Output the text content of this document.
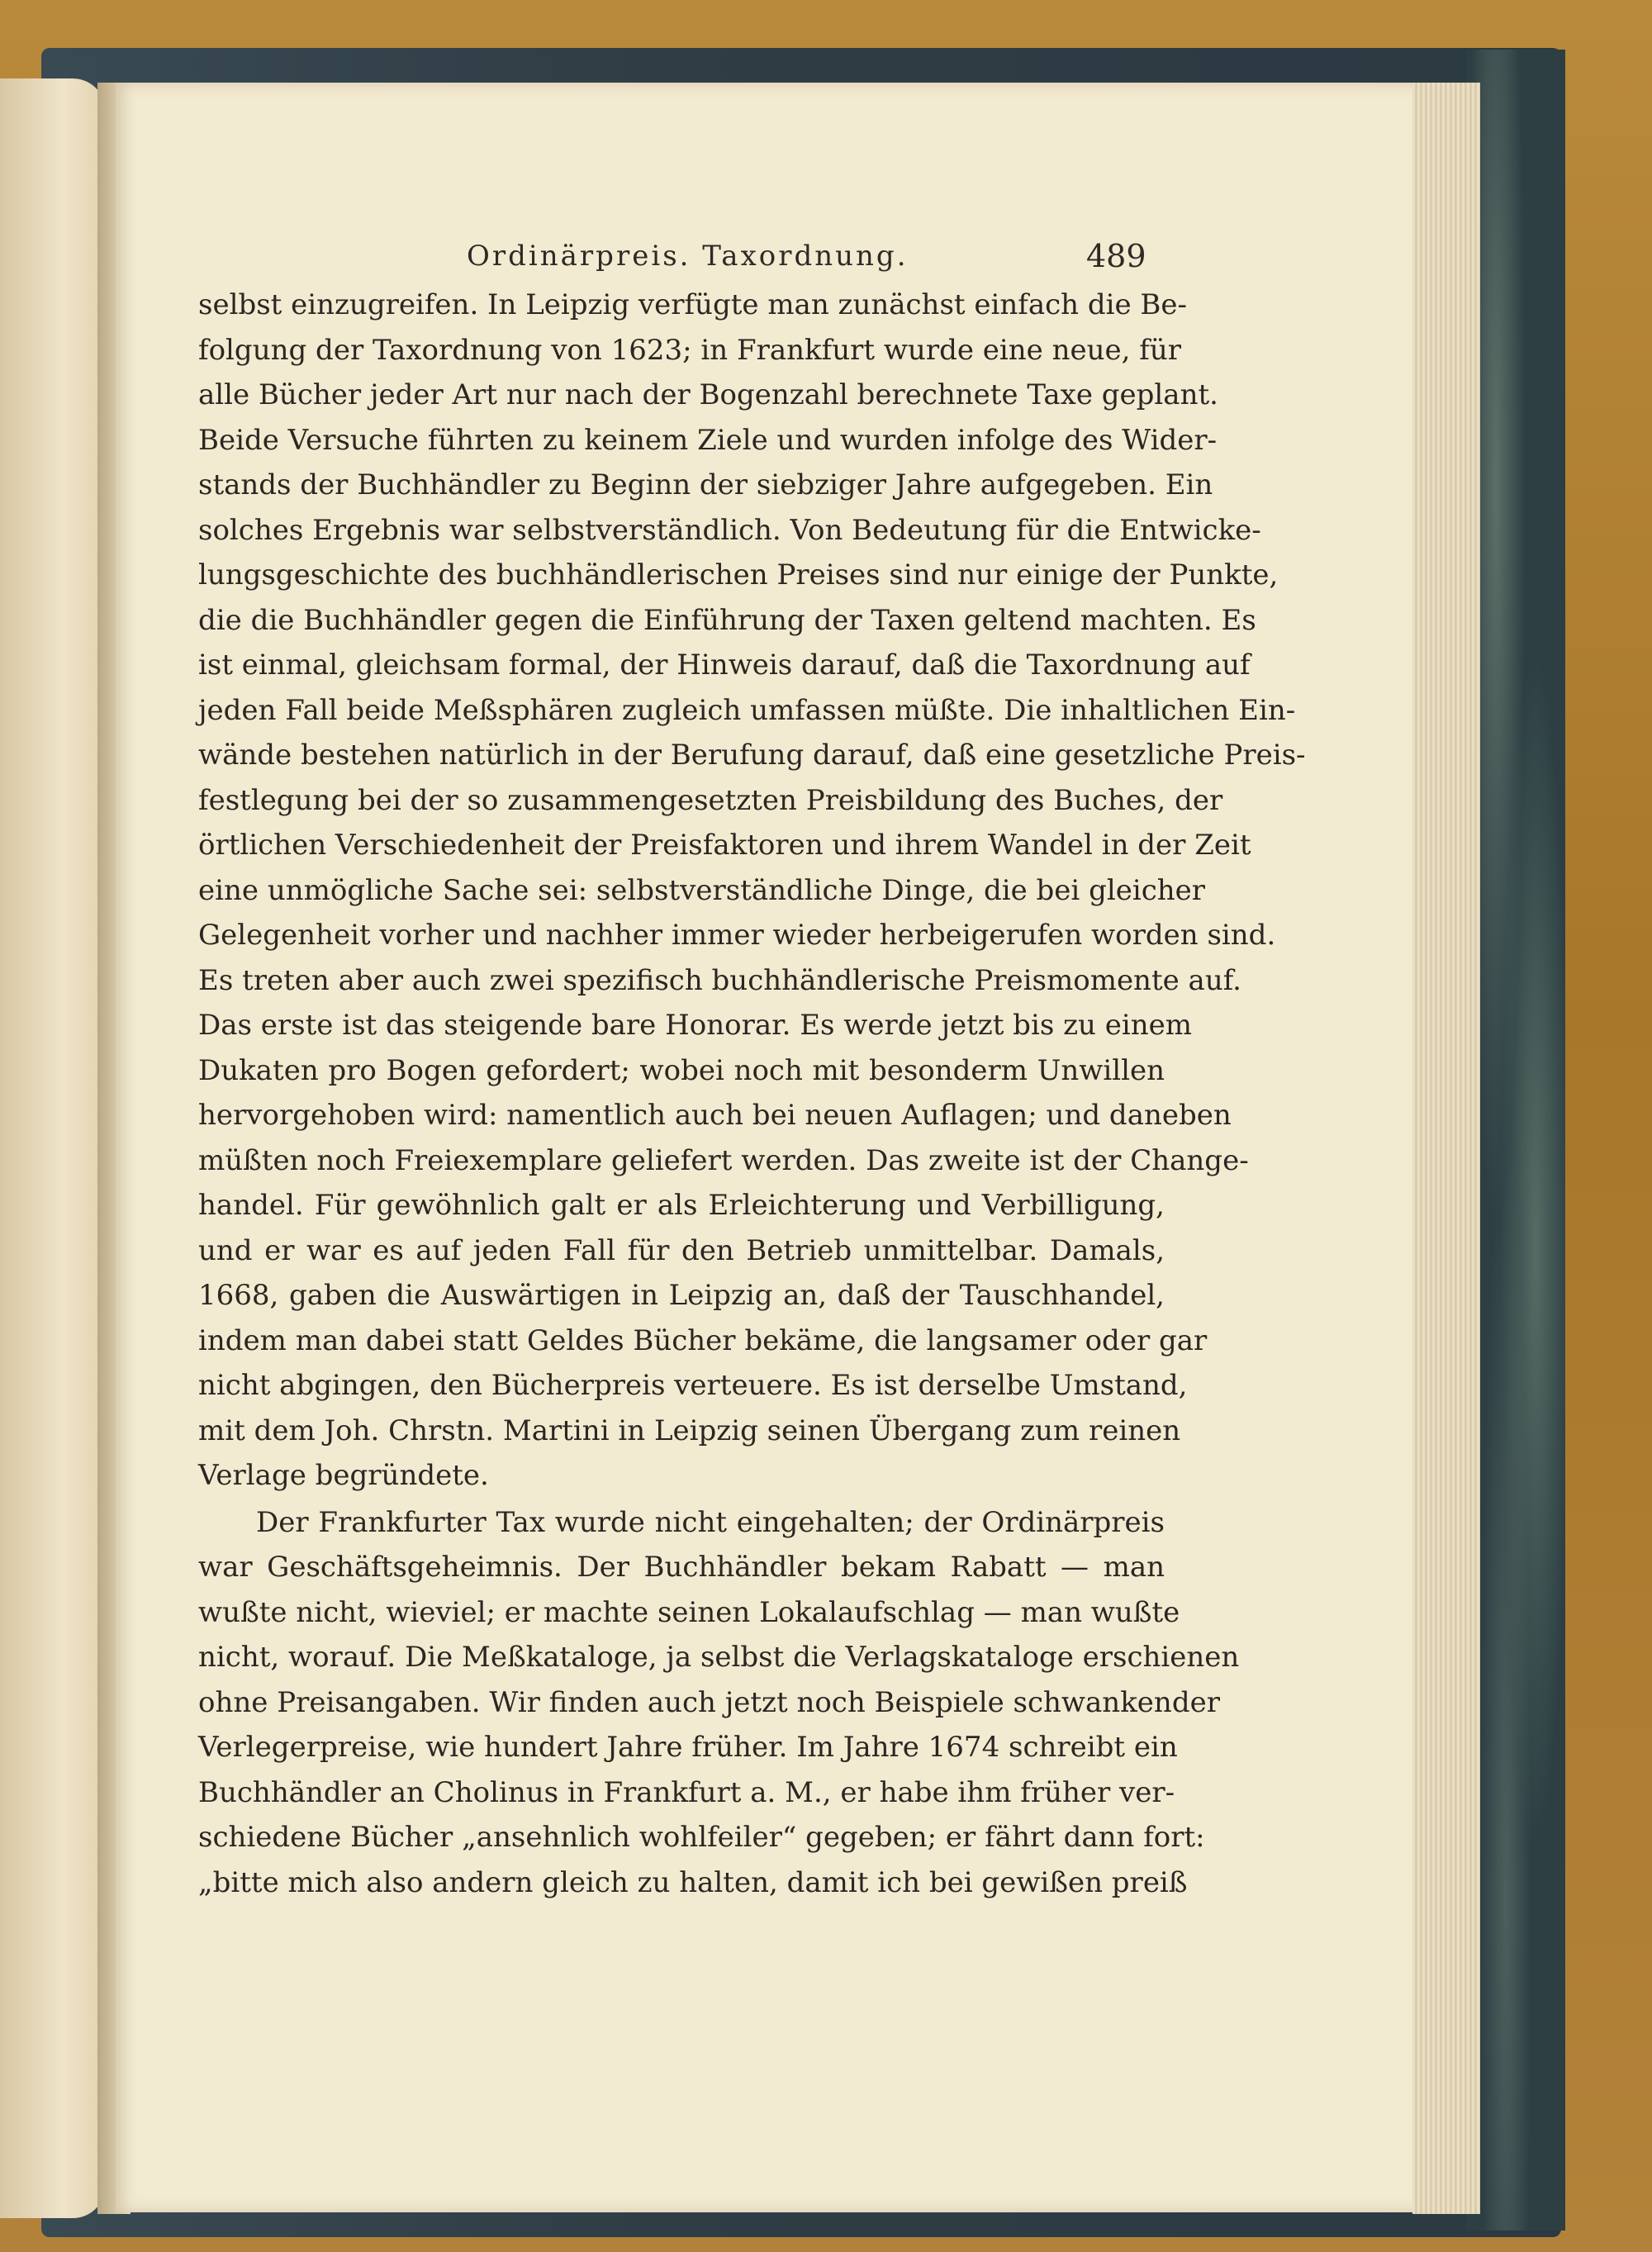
Ordinärpreis. Taxordnung.	489
selbst einzugreifen. In Leipzig verfügte man zunächst einfach die Be-
folgung der Taxordnung von 1623; in Frankfurt wurde eine neue, für
alle Bücher jeder Art nur nach der Bogenzahl berechnete Taxe geplant.
Beide Versuche führten zu keinem Ziele und wurden infolge des Wider-
stands der Buchhändler zu Beginn der siebziger Jahre aufgegeben. Ein
solches Ergebnis war selbstverständlich. Von Bedeutung für die Entwicke-
lungsgeschichte des buchhändlerischen Preises sind nur einige der Punkte,
die die Buchhändler gegen die Einführung der Taxen geltend machten. Es
ist einmal, gleichsam formal, der Hinweis darauf, daß die Taxordnung auf
jeden Fall beide Meßsphären zugleich umfassen müßte. Die inhaltlichen Ein-
wände bestehen natürlich in der Berufung darauf, daß eine gesetzliche Preis-
festlegung bei der so zusammengesetzten Preisbildung des Buches, der
örtlichen Verschiedenheit der Preisfaktoren und ihrem Wandel in der Zeit
eine unmögliche Sache sei: selbstverständliche Dinge, die bei gleicher
Gelegenheit vorher und nachher immer wieder herbeigerufen worden sind.
Es treten aber auch zwei spezifisch buchhändlerische Preismomente auf.
Das erste ist das steigende bare Honorar. Es werde jetzt bis zu einem
Dukaten pro Bogen gefordert; wobei noch mit besonderm Unwillen
hervorgehoben wird: namentlich auch bei neuen Auflagen; und daneben
müßten noch Freiexemplare geliefert werden. Das zweite ist der Change-
handel. Für gewöhnlich galt er als Erleichterung und Verbilligung,
und er war es auf jeden Fall für den Betrieb unmittelbar. Damals,
1668, gaben die Auswärtigen in Leipzig an, daß der Tauschhandel,
indem man dabei statt Geldes Bücher bekäme, die langsamer oder gar
nicht abgingen, den Bücherpreis verteuere. Es ist derselbe Umstand,
mit dem Joh. Chrstn. Martini in Leipzig seinen Übergang zum reinen
Verlage begründete.
Der Frankfurter Tax wurde nicht eingehalten; der Ordinärpreis
war Geschäftsgeheimnis. Der Buchhändler bekam Rabatt — man
wußte nicht, wieviel; er machte seinen Lokalaufschlag — man wußte
nicht, worauf. Die Meßkataloge, ja selbst die Verlagskataloge erschienen
ohne Preisangaben. Wir finden auch jetzt noch Beispiele schwankender
Verlegerpreise, wie hundert Jahre früher. Im Jahre 1674 schreibt ein
Buchhändler an Cholinus in Frankfurt a. M., er habe ihm früher ver-
schiedene Bücher „ansehnlich wohlfeiler“ gegeben; er fährt dann fort:
„bitte mich also andern gleich zu halten, damit ich bei gewißen preiß
